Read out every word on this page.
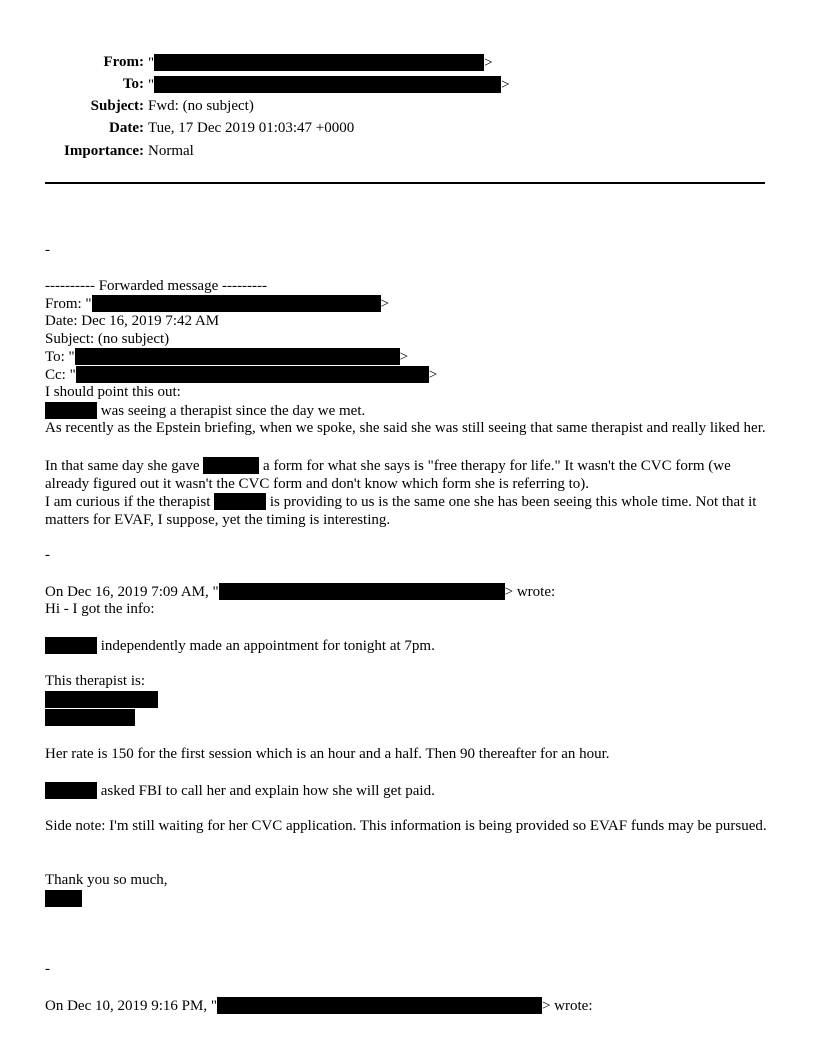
From: "	>
To: "	>
Subject: Fwd: (no subject)
Date: Tue, 17 Dec 2019 01:03:47 +0000
Importance: Normal
-
---------- Forwarded message ---------
From: "	>
Date: Dec 16, 2019 7:42 AM
Subject: (no subject)
To: "	>
Cc: "	>
I should point this out:
was seeing a therapist since the day we met.
As recently as the Epstein briefing, when we spoke, she said she was still seeing that same therapist and really liked her.
In that same day she gave	a form for what she says is "free therapy for life." It wasn't the CVC form (we already figured out it wasn't the CVC form and don't know which form she is referring to).
I am curious if the therapist	is providing to us is the same one she has been seeing this whole time. Not that it matters for EVAF, I suppose, yet the timing is interesting.
-
On Dec 16, 2019 7:09 AM, "	> wrote:
Hi - I got the info:
independently made an appointment for tonight at 7pm.
This therapist is:
Her rate is 150 for the first session which is an hour and a half. Then 90 thereafter for an hour.
asked FBI to call her and explain how she will get paid.
Side note: I'm still waiting for her CVC application. This information is being provided so EVAF funds may be pursued.
Thank you so much,
-
On Dec 10, 2019 9:16 PM, "	> wrote:
